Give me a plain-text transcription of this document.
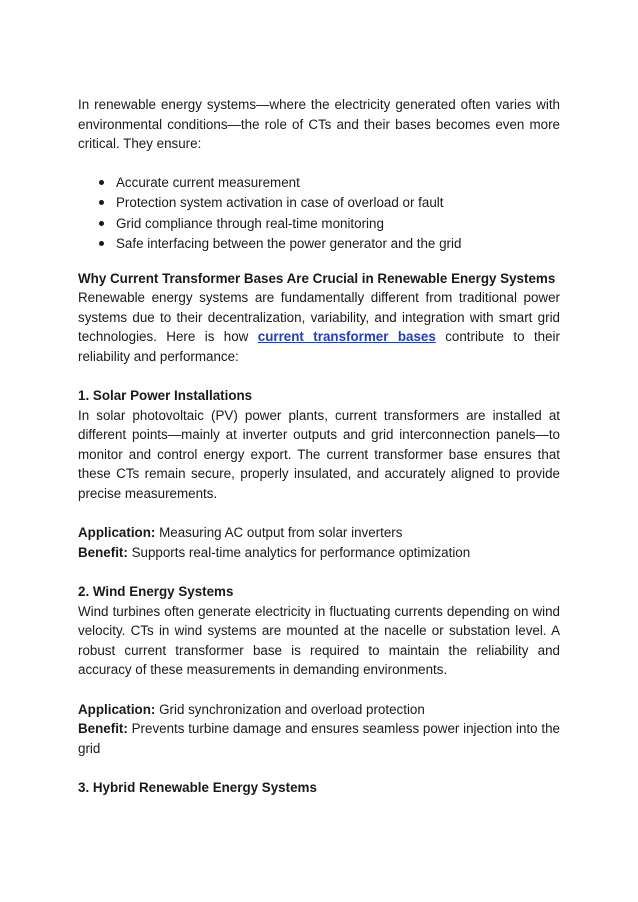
In renewable energy systems—where the electricity generated often varies with environmental conditions—the role of CTs and their bases becomes even more critical. They ensure:

Accurate current measurement
Protection system activation in case of overload or fault
Grid compliance through real-time monitoring
Safe interfacing between the power generator and the grid

Why Current Transformer Bases Are Crucial in Renewable Energy Systems

Renewable energy systems are fundamentally different from traditional power systems due to their decentralization, variability, and integration with smart grid technologies. Here is how current transformer bases contribute to their reliability and performance:

1. Solar Power Installations

In solar photovoltaic (PV) power plants, current transformers are installed at different points—mainly at inverter outputs and grid interconnection panels—to monitor and control energy export. The current transformer base ensures that these CTs remain secure, properly insulated, and accurately aligned to provide precise measurements.

Application: Measuring AC output from solar inverters

Benefit: Supports real-time analytics for performance optimization

2. Wind Energy Systems

Wind turbines often generate electricity in fluctuating currents depending on wind velocity. CTs in wind systems are mounted at the nacelle or substation level. A robust current transformer base is required to maintain the reliability and accuracy of these measurements in demanding environments.

Application: Grid synchronization and overload protection

Benefit: Prevents turbine damage and ensures seamless power injection into the grid

3. Hybrid Renewable Energy Systems
